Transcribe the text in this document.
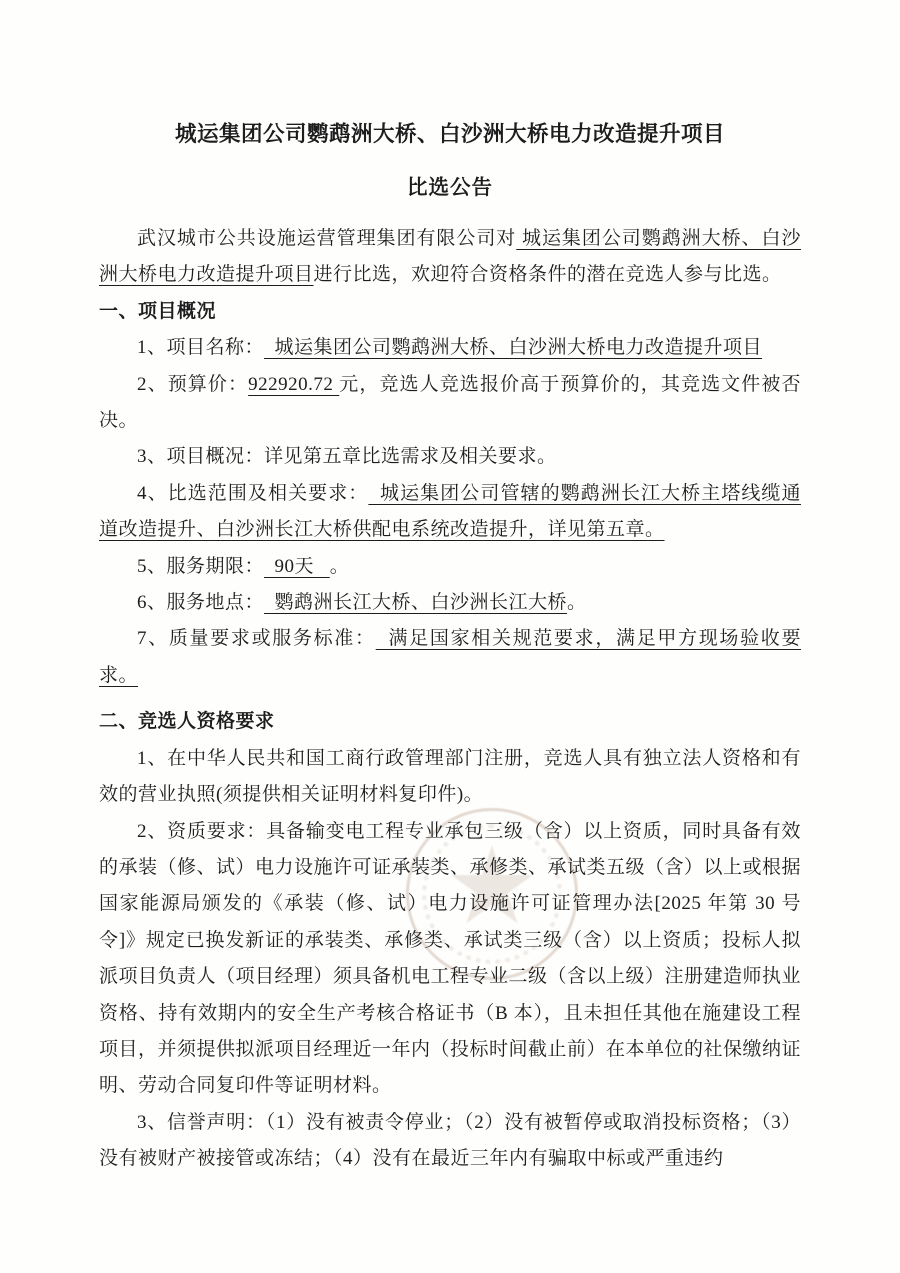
★
城运集团公司鹦鹉洲大桥、白沙洲大桥电力改造提升项目
比选公告

武汉城市公共设施运营管理集团有限公司对 城运集团公司鹦鹉洲大桥、白沙洲大桥电力改造提升项目进行比选，欢迎符合资格条件的潜在竞选人参与比选。

一、项目概况

1、项目名称：  城运集团公司鹦鹉洲大桥、白沙洲大桥电力改造提升项目

2、预算价：922920.72 元，竞选人竞选报价高于预算价的，其竞选文件被否决。

3、项目概况：详见第五章比选需求及相关要求。

4、比选范围及相关要求：  城运集团公司管辖的鹦鹉洲长江大桥主塔线缆通道改造提升、白沙洲长江大桥供配电系统改造提升，详见第五章。

5、服务期限：  90天   。

6、服务地点：  鹦鹉洲长江大桥、白沙洲长江大桥。

7、质量要求或服务标准：  满足国家相关规范要求，满足甲方现场验收要求。

二、竞选人资格要求

1、在中华人民共和国工商行政管理部门注册，竞选人具有独立法人资格和有效的营业执照(须提供相关证明材料复印件)。

2、资质要求：具备输变电工程专业承包三级（含）以上资质，同时具备有效的承装（修、试）电力设施许可证承装类、承修类、承试类五级（含）以上或根据国家能源局颁发的《承装（修、试）电力设施许可证管理办法[2025 年第 30 号令]》规定已换发新证的承装类、承修类、承试类三级（含）以上资质；投标人拟派项目负责人（项目经理）须具备机电工程专业二级（含以上级）注册建造师执业资格、持有效期内的安全生产考核合格证书（B 本），且未担任其他在施建设工程项目，并须提供拟派项目经理近一年内（投标时间截止前）在本单位的社保缴纳证明、劳动合同复印件等证明材料。

3、信誉声明：（1）没有被责令停业；（2）没有被暂停或取消投标资格；（3）没有被财产被接管或冻结；（4）没有在最近三年内有骗取中标或严重违约
